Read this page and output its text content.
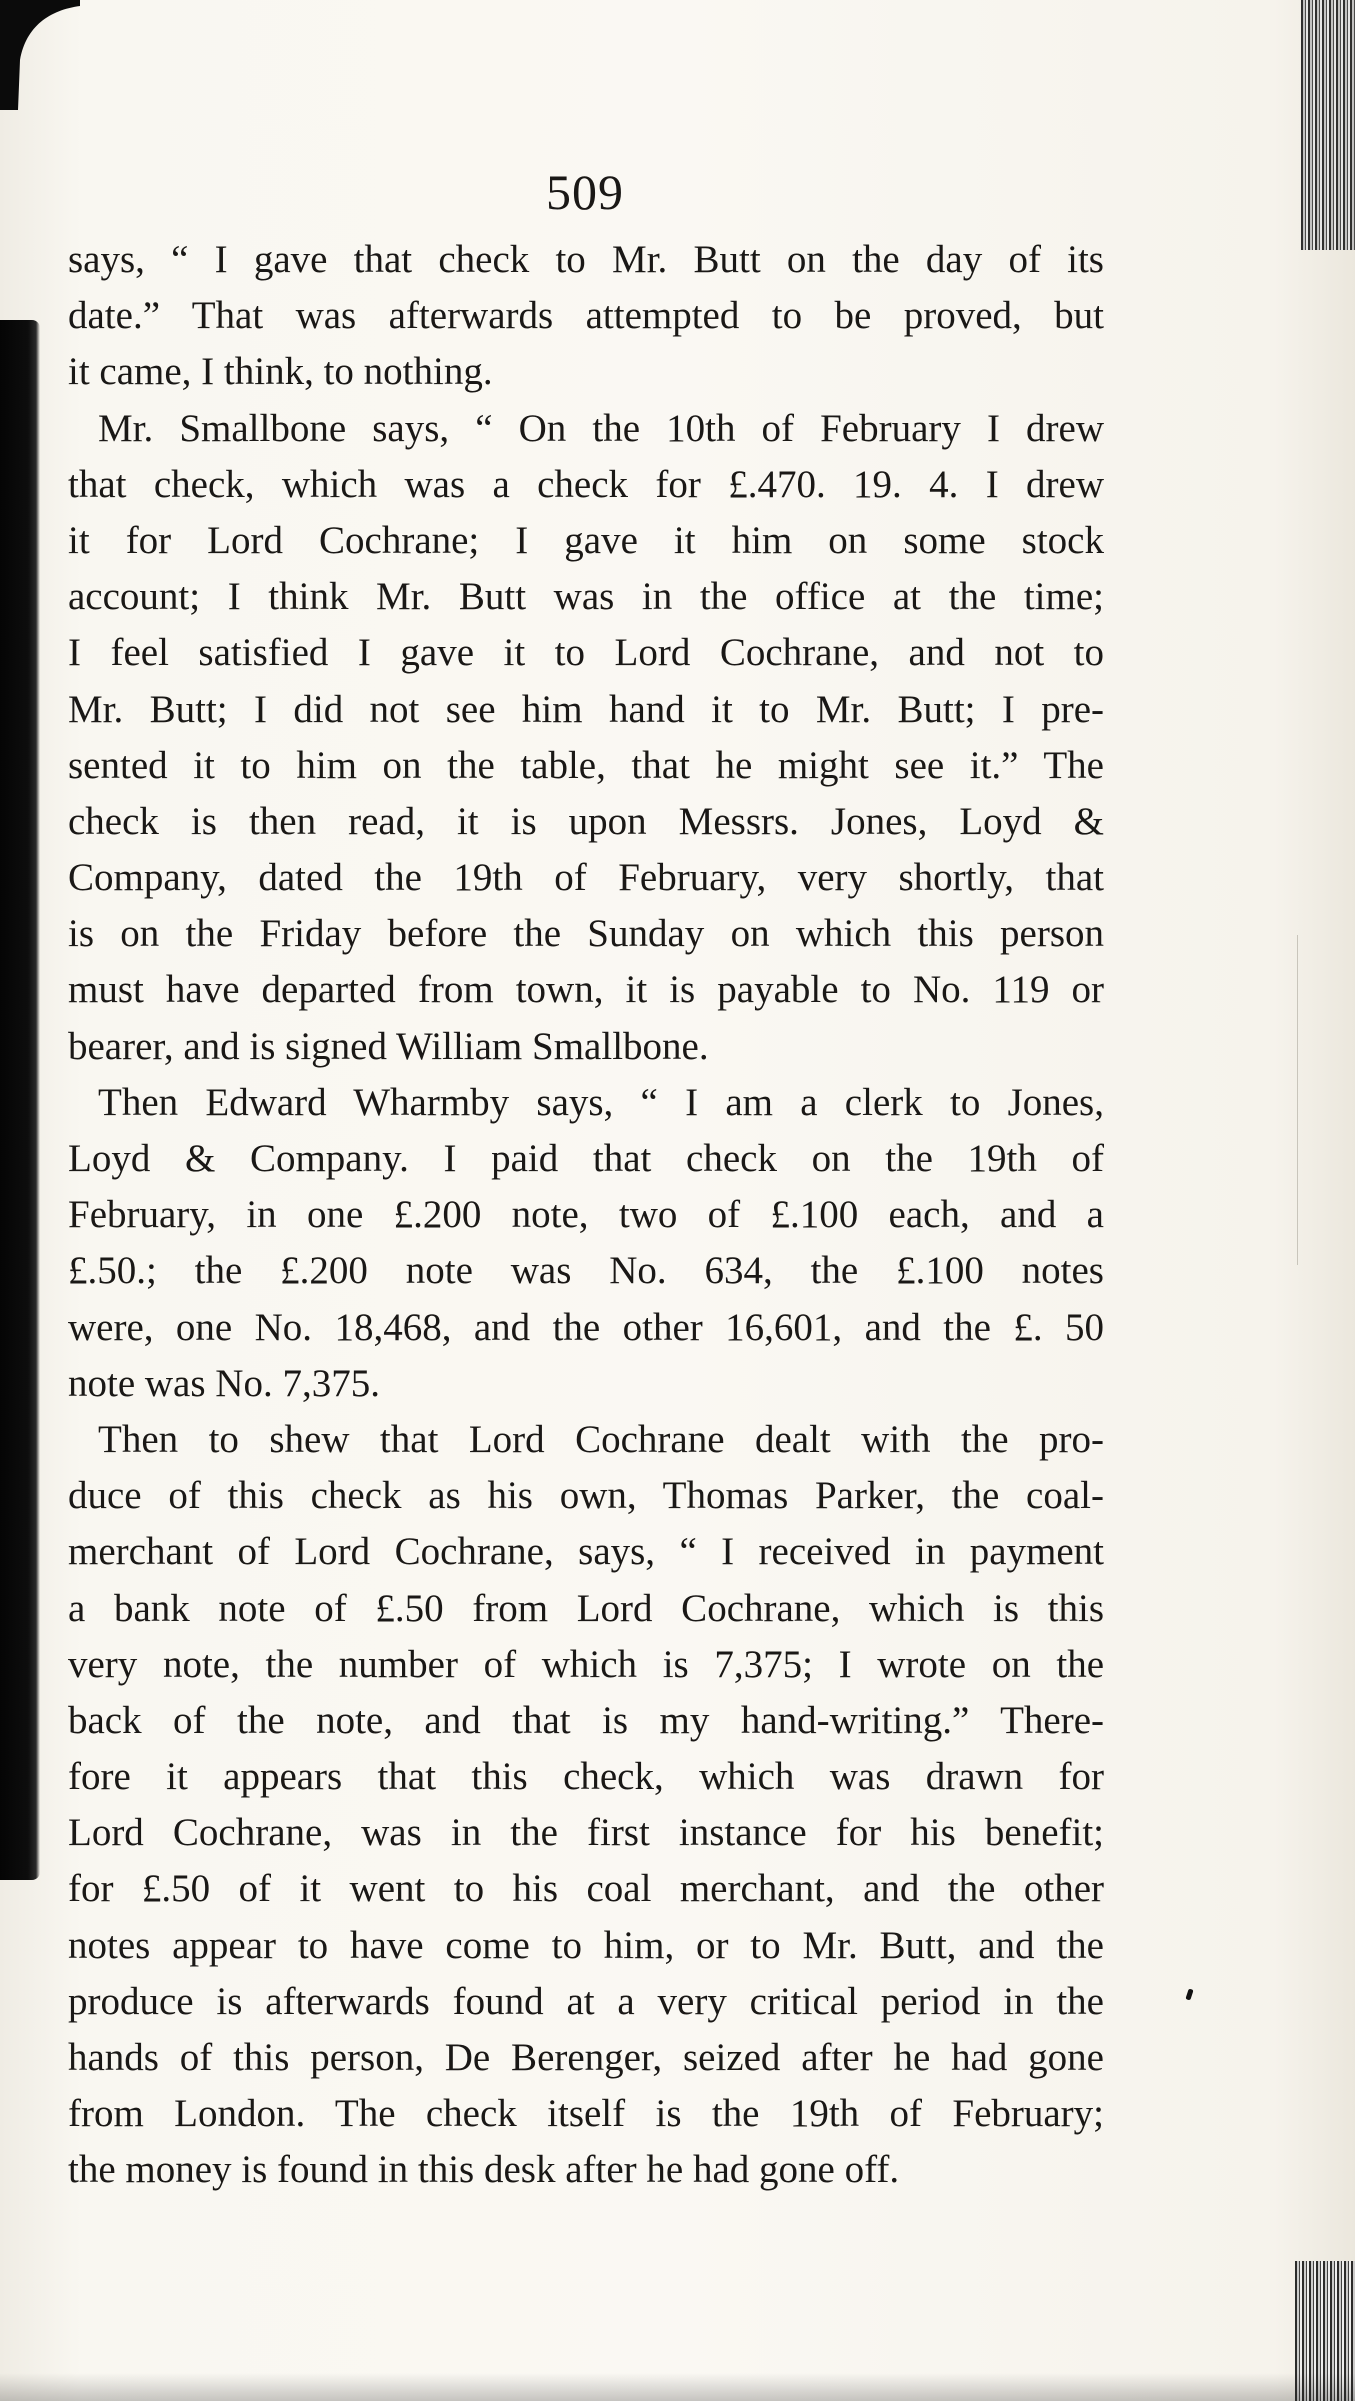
509

says, “ I gave that check to Mr. Butt on the day of its

date.” That was afterwards attempted to be proved, but

it came, I think, to nothing.

Mr. Smallbone says, “ On the 10th of February I drew

that check, which was a check for £.470. 19. 4. I drew

it for Lord Cochrane; I gave it him on some stock

account; I think Mr. Butt was in the office at the time;

I feel satisfied I gave it to Lord Cochrane, and not to

Mr. Butt; I did not see him hand it to Mr. Butt; I pre-

sented it to him on the table, that he might see it.” The

check is then read, it is upon Messrs. Jones, Loyd &

Company, dated the 19th of February, very shortly, that

is on the Friday before the Sunday on which this person

must have departed from town, it is payable to No. 119 or

bearer, and is signed William Smallbone.

Then Edward Wharmby says, “ I am a clerk to Jones,

Loyd & Company. I paid that check on the 19th of

February, in one £.200 note, two of £.100 each, and a

£.50.; the £.200 note was No. 634, the £.100 notes

were, one No. 18,468, and the other 16,601, and the £. 50

note was No. 7,375.

Then to shew that Lord Cochrane dealt with the pro-

duce of this check as his own, Thomas Parker, the coal-

merchant of Lord Cochrane, says, “ I received in payment

a bank note of £.50 from Lord Cochrane, which is this

very note, the number of which is 7,375; I wrote on the

back of the note, and that is my hand-writing.” There-

fore it appears that this check, which was drawn for

Lord Cochrane, was in the first instance for his benefit;

for £.50 of it went to his coal merchant, and the other

notes appear to have come to him, or to Mr. Butt, and the

produce is afterwards found at a very critical period in the

hands of this person, De Berenger, seized after he had gone

from London. The check itself is the 19th of February;

the money is found in this desk after he had gone off.
